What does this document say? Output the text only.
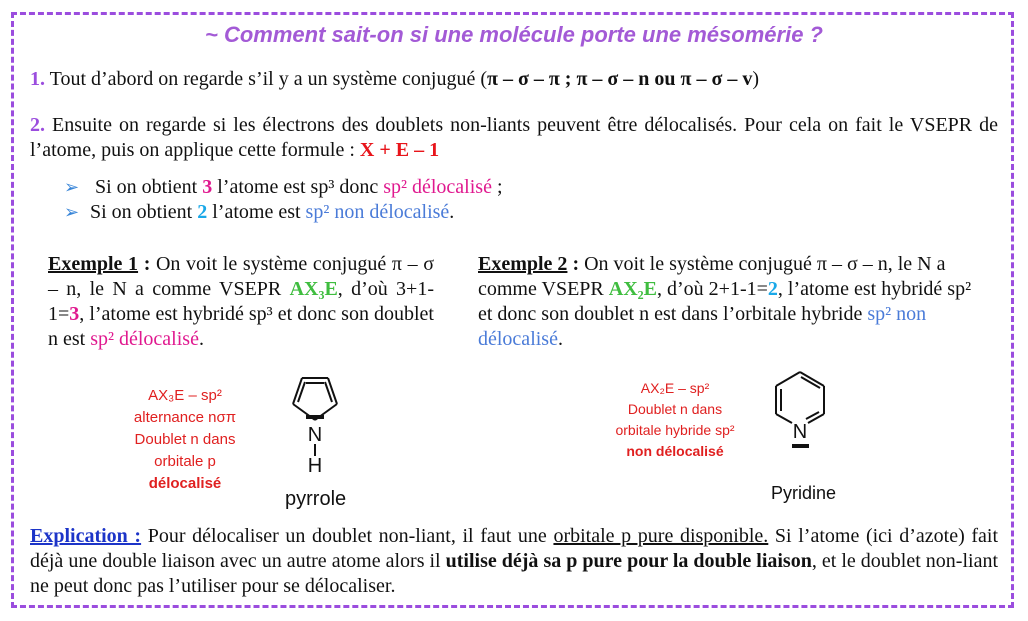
~ Comment sait-on si une molécule porte une mésomérie ?
1. Tout d’abord on regarde s’il y a un système conjugué (π – σ – π ; π – σ – n ou π – σ – v)
2. Ensuite on regarde si les électrons des doublets non-liants peuvent être délocalisés. Pour cela on fait le VSEPR de l’atome, puis on applique cette formule : X + E – 1
➢ Si on obtient 3 l’atome est sp³ donc sp² délocalisé ;
➢ Si on obtient 2 l’atome est sp² non délocalisé.
Exemple 1 : On voit le système conjugué π – σ – n, le N a comme VSEPR AX₃E, d’où 3+1-1=3, l’atome est hybridé sp³ et donc son doublet n est sp² délocalisé.
Exemple 2 : On voit le système conjugué π – σ – n, le N a comme VSEPR AX₂E, d’où 2+1-1=2, l’atome est hybridé sp² et donc son doublet n est dans l’orbitale hybride sp² non délocalisé.
AX₃E – sp²
alternance nσπ
Doublet n dans
orbitale p
délocalisé
N
H
pyrrole
AX₂E – sp²
Doublet n dans
orbitale hybride sp²
non délocalisé
N
Pyridine
Explication : Pour délocaliser un doublet non-liant, il faut une orbitale p pure disponible. Si l’atome (ici d’azote) fait déjà une double liaison avec un autre atome alors il utilise déjà sa p pure pour la double liaison, et le doublet non-liant ne peut donc pas l’utiliser pour se délocaliser.
